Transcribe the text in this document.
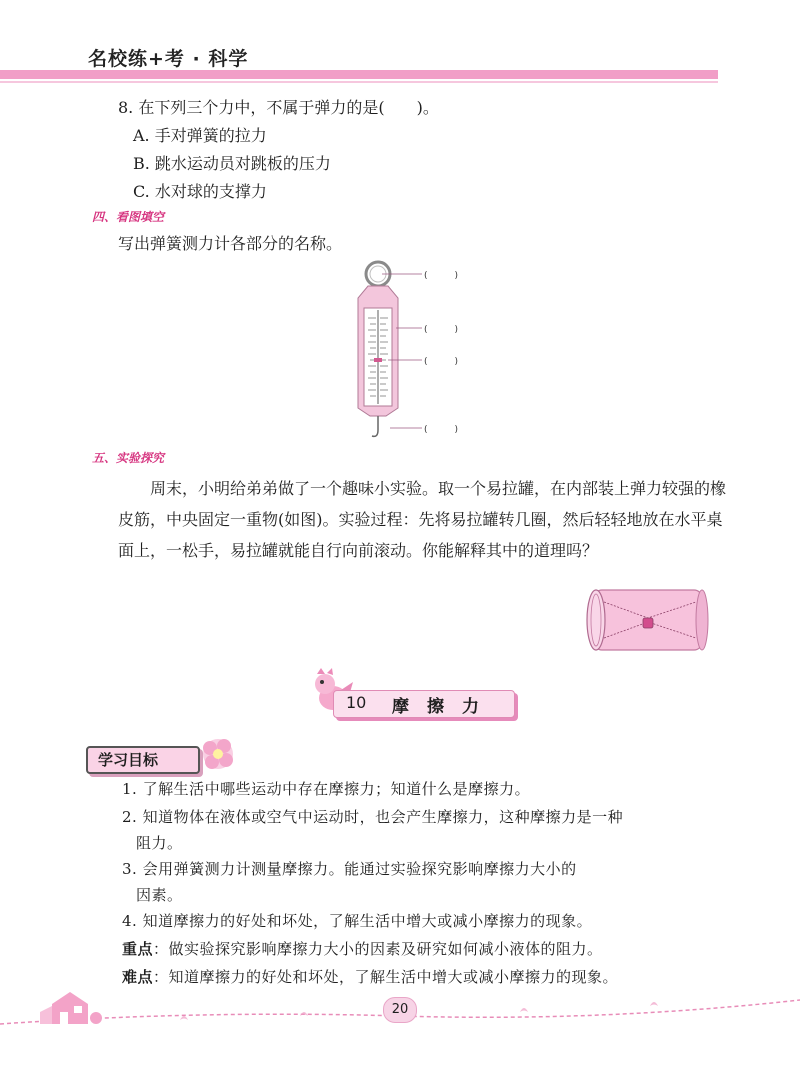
名校练+考 · 科学
8. 在下列三个力中，不属于弹力的是(　　)。
A. 手对弹簧的拉力
B. 跳水运动员对跳板的压力
C. 水对球的支撑力
四、看图填空
写出弹簧测力计各部分的名称。
(　　　)
(　　　)
(　　　)
(　　　)
五、实验探究
周末，小明给弟弟做了一个趣味小实验。取一个易拉罐，在内部装上弹力较强的橡皮筋，中央固定一重物(如图)。实验过程：先将易拉罐转几圈，然后轻轻地放在水平桌面上，一松手，易拉罐就能自行向前滚动。你能解释其中的道理吗？
10 摩擦力
学习目标
1. 了解生活中哪些运动中存在摩擦力；知道什么是摩擦力。
2. 知道物体在液体或空气中运动时，也会产生摩擦力，这种摩擦力是一种
阻力。
3. 会用弹簧测力计测量摩擦力。能通过实验探究影响摩擦力大小的
因素。
4. 知道摩擦力的好处和坏处，了解生活中增大或减小摩擦力的现象。
重点：做实验探究影响摩擦力大小的因素及研究如何减小液体的阻力。
难点：知道摩擦力的好处和坏处，了解生活中增大或减小摩擦力的现象。
20
